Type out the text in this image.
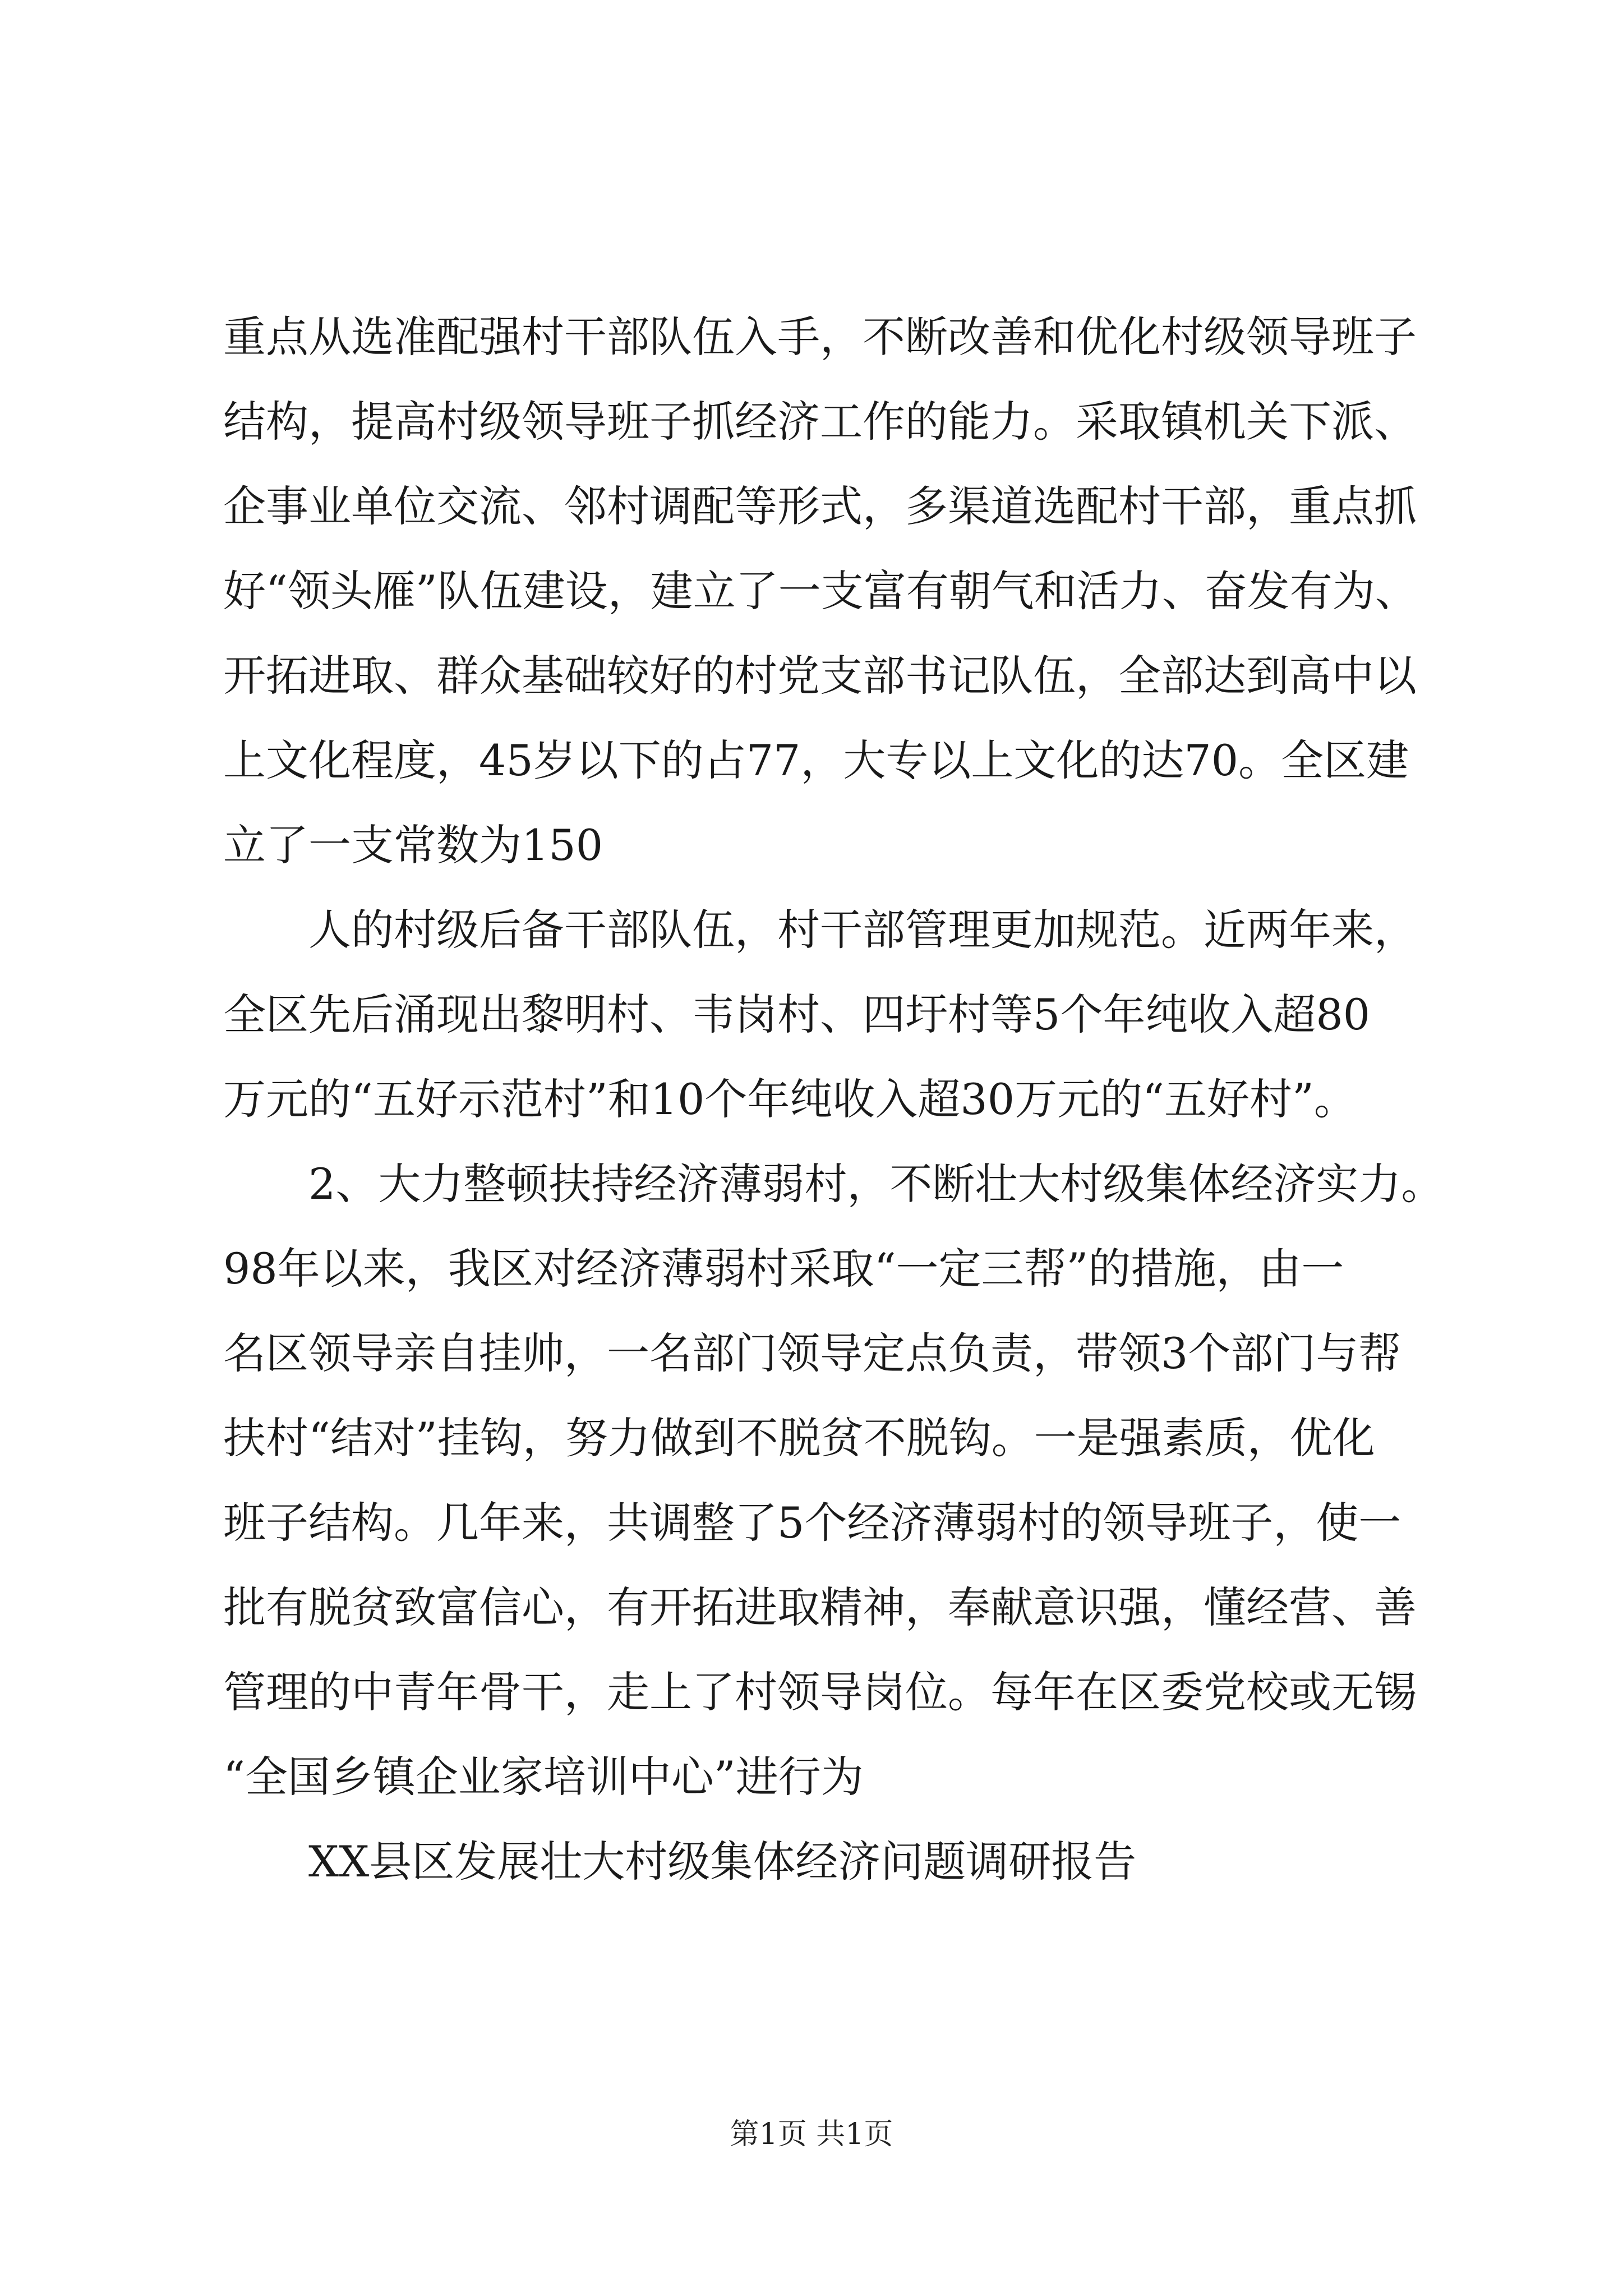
重点从选准配强村干部队伍入手，不断改善和优化村级领导班子
结构，提高村级领导班子抓经济工作的能力。采取镇机关下派、
企事业单位交流、邻村调配等形式，多渠道选配村干部，重点抓
好“领头雁”队伍建设，建立了一支富有朝气和活力、奋发有为、
开拓进取、群众基础较好的村党支部书记队伍，全部达到高中以
上文化程度，45岁以下的占77，大专以上文化的达70。全区建
立了一支常数为150
人的村级后备干部队伍，村干部管理更加规范。近两年来，
全区先后涌现出黎明村、韦岗村、四圩村等5个年纯收入超80
万元的“五好示范村”和10个年纯收入超30万元的“五好村”。
2、大力整顿扶持经济薄弱村，不断壮大村级集体经济实力。
98年以来，我区对经济薄弱村采取“一定三帮”的措施，由一
名区领导亲自挂帅，一名部门领导定点负责，带领3个部门与帮
扶村“结对”挂钩，努力做到不脱贫不脱钩。一是强素质，优化
班子结构。几年来，共调整了5个经济薄弱村的领导班子，使一
批有脱贫致富信心，有开拓进取精神，奉献意识强，懂经营、善
管理的中青年骨干，走上了村领导岗位。每年在区委党校或无锡
“全国乡镇企业家培训中心”进行为
XX县区发展壮大村级集体经济问题调研报告
第1页 共1页
